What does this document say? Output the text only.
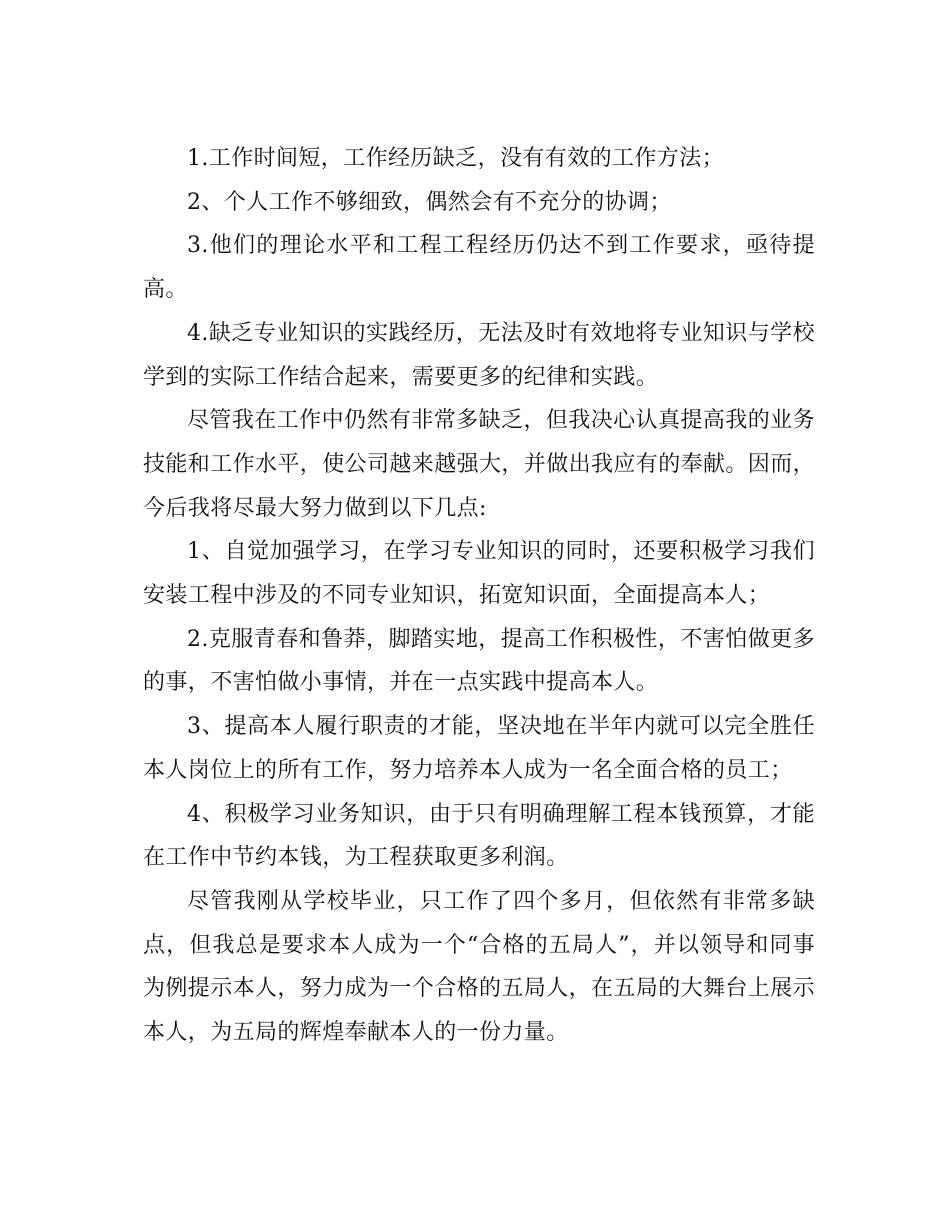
1.工作时间短，工作经历缺乏，没有有效的工作方法；

2、个人工作不够细致，偶然会有不充分的协调；

3.他们的理论水平和工程工程经历仍达不到工作要求，亟待提高。

4.缺乏专业知识的实践经历，无法及时有效地将专业知识与学校学到的实际工作结合起来，需要更多的纪律和实践。

尽管我在工作中仍然有非常多缺乏，但我决心认真提高我的业务技能和工作水平，使公司越来越强大，并做出我应有的奉献。因而，今后我将尽最大努力做到以下几点:

1、自觉加强学习，在学习专业知识的同时，还要积极学习我们安装工程中涉及的不同专业知识，拓宽知识面，全面提高本人；

2.克服青春和鲁莽，脚踏实地，提高工作积极性，不害怕做更多的事，不害怕做小事情，并在一点实践中提高本人。

3、提高本人履行职责的才能，坚决地在半年内就可以完全胜任本人岗位上的所有工作，努力培养本人成为一名全面合格的员工；

4、积极学习业务知识，由于只有明确理解工程本钱预算，才能在工作中节约本钱，为工程获取更多利润。

尽管我刚从学校毕业，只工作了四个多月，但依然有非常多缺点，但我总是要求本人成为一个“合格的五局人”，并以领导和同事为例提示本人，努力成为一个合格的五局人，在五局的大舞台上展示本人，为五局的辉煌奉献本人的一份力量。
